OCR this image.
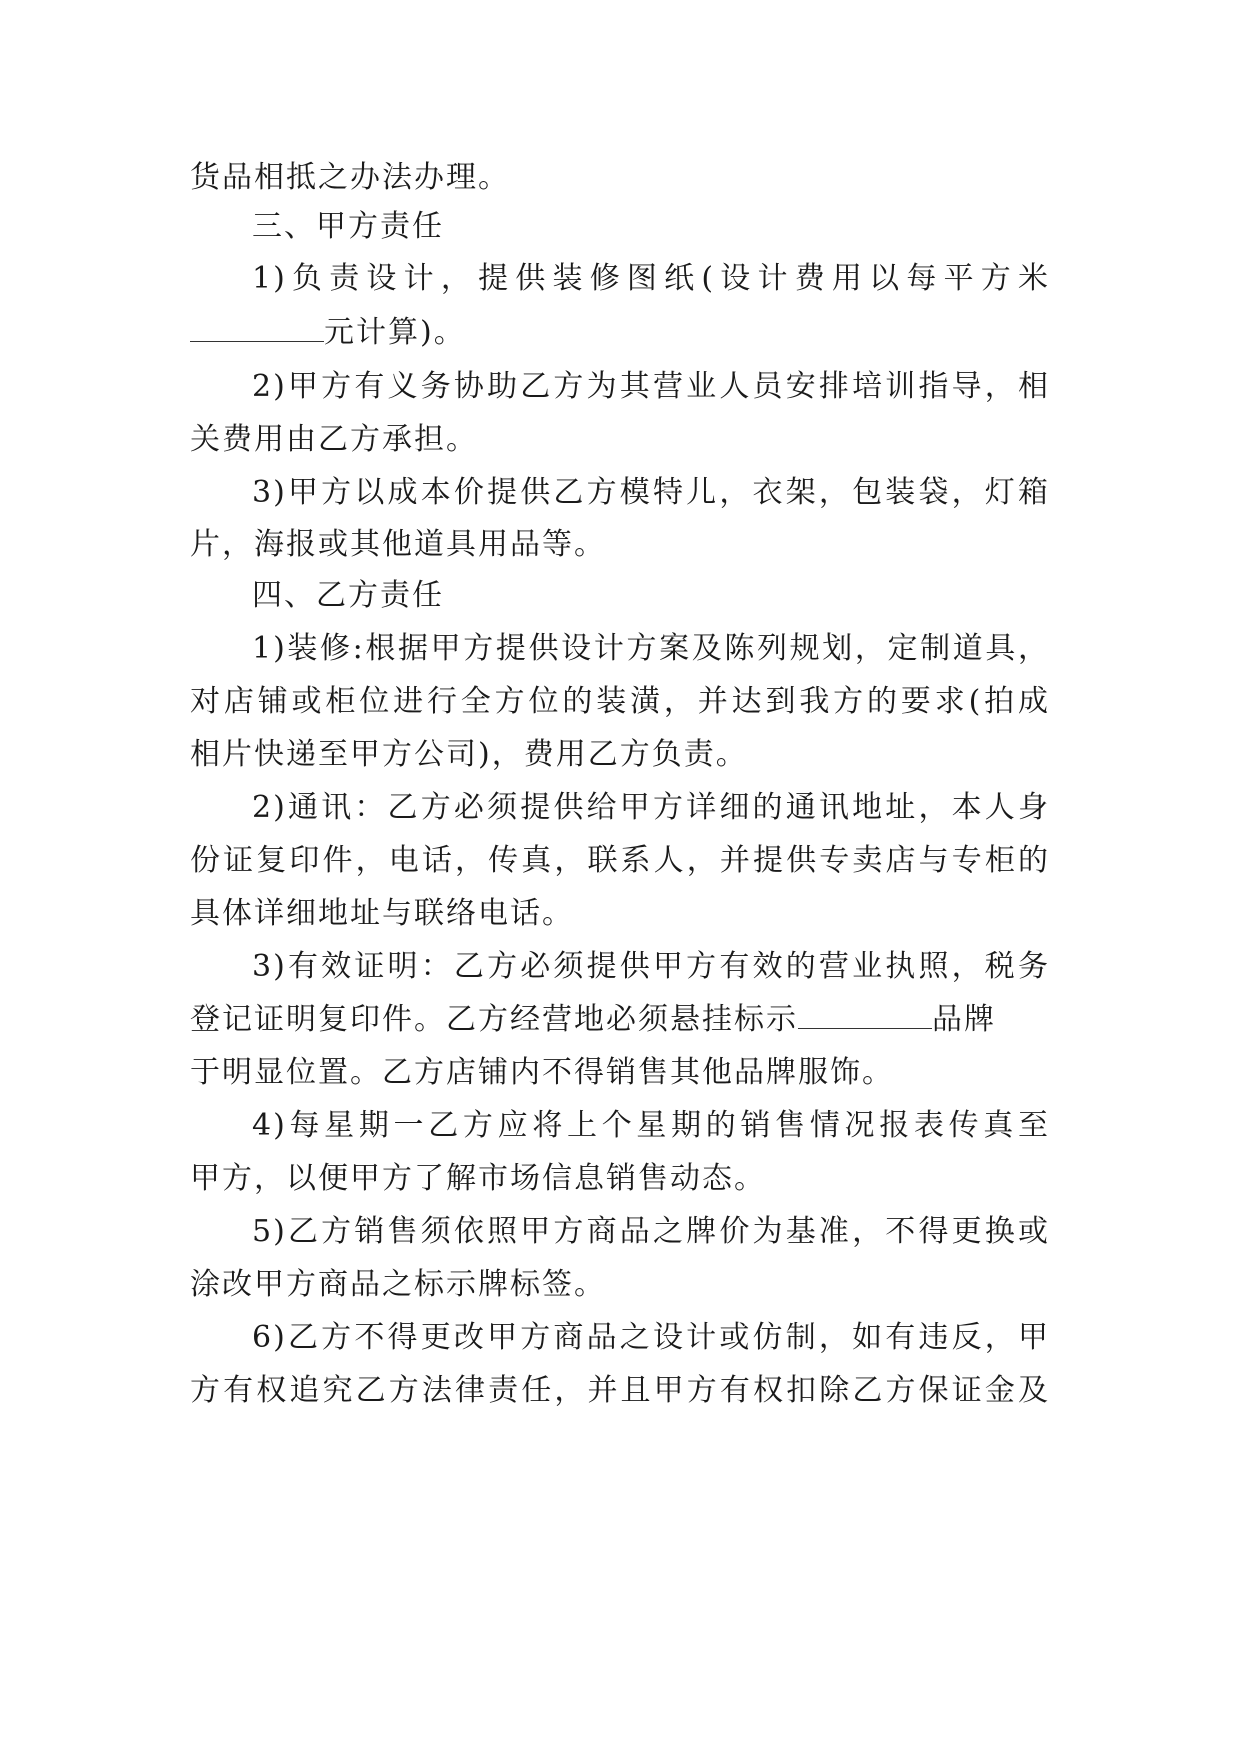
货品相抵之办法办理。
三、甲方责任
1)负责设计，提供装修图纸(设计费用以每平方米
元计算)。
2)甲方有义务协助乙方为其营业人员安排培训指导，相
关费用由乙方承担。
3)甲方以成本价提供乙方模特儿，衣架，包装袋，灯箱
片，海报或其他道具用品等。
四、乙方责任
1)装修:根据甲方提供设计方案及陈列规划，定制道具，
对店铺或柜位进行全方位的装潢，并达到我方的要求(拍成
相片快递至甲方公司)，费用乙方负责。
2)通讯：乙方必须提供给甲方详细的通讯地址，本人身
份证复印件，电话，传真，联系人，并提供专卖店与专柜的
具体详细地址与联络电话。
3)有效证明：乙方必须提供甲方有效的营业执照，税务
登记证明复印件。乙方经营地必须悬挂标示	品牌
于明显位置。乙方店铺内不得销售其他品牌服饰。
4)每星期一乙方应将上个星期的销售情况报表传真至
甲方，以便甲方了解市场信息销售动态。
5)乙方销售须依照甲方商品之牌价为基准，不得更换或
涂改甲方商品之标示牌标签。
6)乙方不得更改甲方商品之设计或仿制，如有违反，甲
方有权追究乙方法律责任，并且甲方有权扣除乙方保证金及
